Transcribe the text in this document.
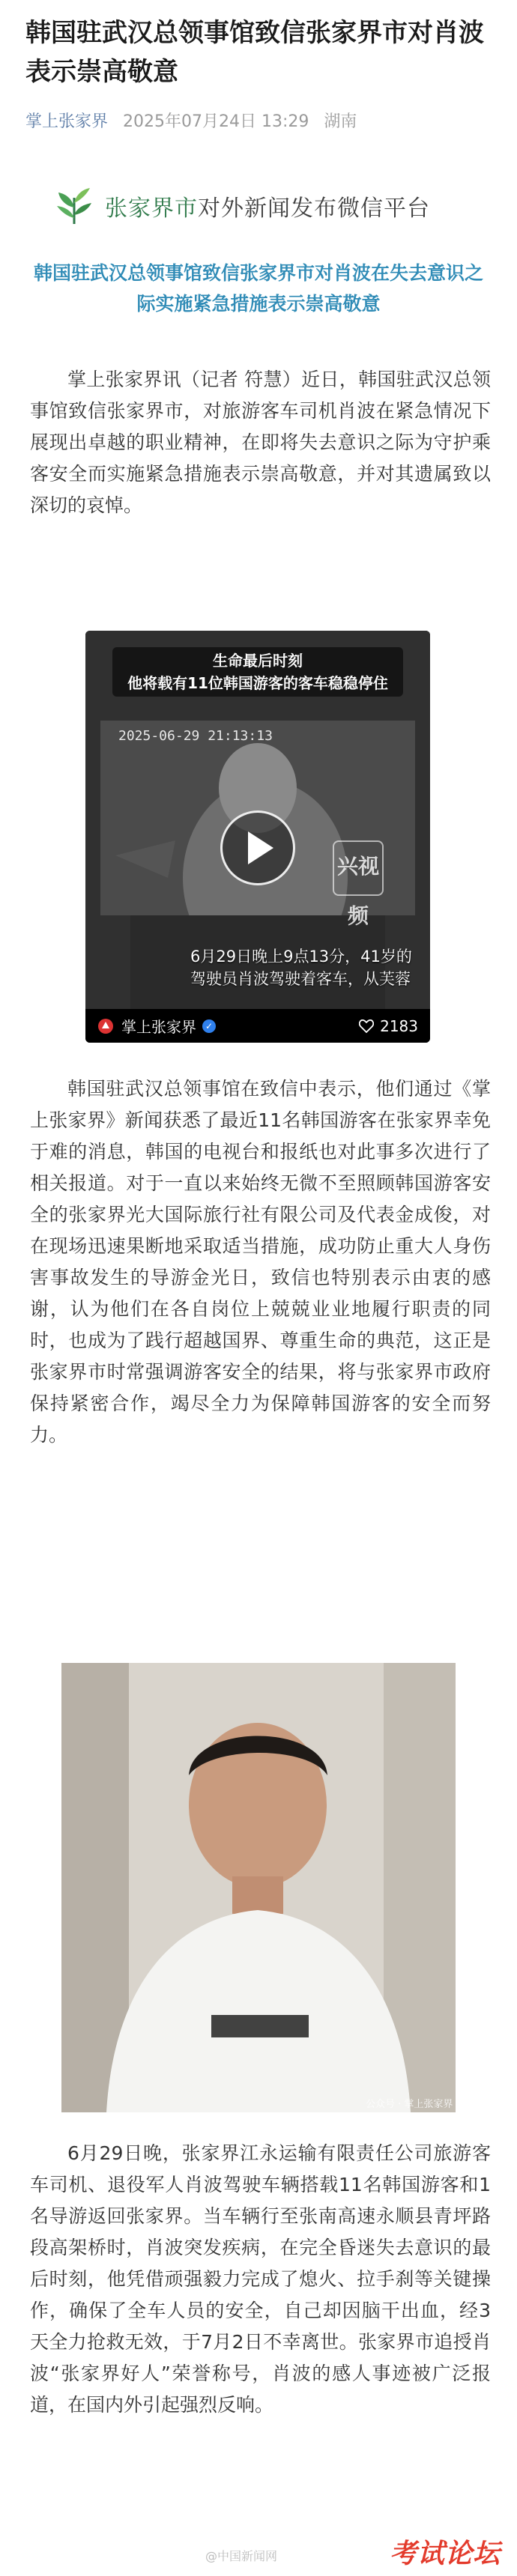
韩国驻武汉总领事馆致信张家界市对肖波表示崇高敬意
掌上张家界 2025年07月24日 13:29 湖南
张家界市对外新闻发布微信平台
韩国驻武汉总领事馆致信张家界市对肖波在失去意识之际实施紧急措施表示崇高敬意
掌上张家界讯（记者 符慧）近日，韩国驻武汉总领事馆致信张家界市，对旅游客车司机肖波在紧急情况下展现出卓越的职业精神，在即将失去意识之际为守护乘客安全而实施紧急措施表示崇高敬意，并对其遗属致以深切的哀悼。
生命最后时刻
他将载有11位韩国游客的客车稳稳停住
2025-06-29 21:13:13
兴视频
6月29日晚上9点13分，41岁的驾驶员肖波驾驶着客车，从芙蓉
掌上张家界 ✓	2183
韩国驻武汉总领事馆在致信中表示，他们通过《掌上张家界》新闻获悉了最近11名韩国游客在张家界幸免于难的消息，韩国的电视台和报纸也对此事多次进行了相关报道。对于一直以来始终无微不至照顾韩国游客安全的张家界光大国际旅行社有限公司及代表金成俊，对在现场迅速果断地采取适当措施，成功防止重大人身伤害事故发生的导游金光日，致信也特别表示由衷的感谢，认为他们在各自岗位上兢兢业业地履行职责的同时，也成为了践行超越国界、尊重生命的典范，这正是张家界市时常强调游客安全的结果，将与张家界市政府保持紧密合作，竭尽全力为保障韩国游客的安全而努力。
公众号 · 掌上张家界
6月29日晚，张家界江永运输有限责任公司旅游客车司机、退役军人肖波驾驶车辆搭载11名韩国游客和1名导游返回张家界。当车辆行至张南高速永顺县青坪路段高架桥时，肖波突发疾病，在完全昏迷失去意识的最后时刻，他凭借顽强毅力完成了熄火、拉手刹等关键操作，确保了全车人员的安全，自己却因脑干出血，经3天全力抢救无效，于7月2日不幸离世。张家界市追授肖波“张家界好人”荣誉称号，肖波的感人事迹被广泛报道，在国内外引起强烈反响。
@中国新闻网	考试论坛
